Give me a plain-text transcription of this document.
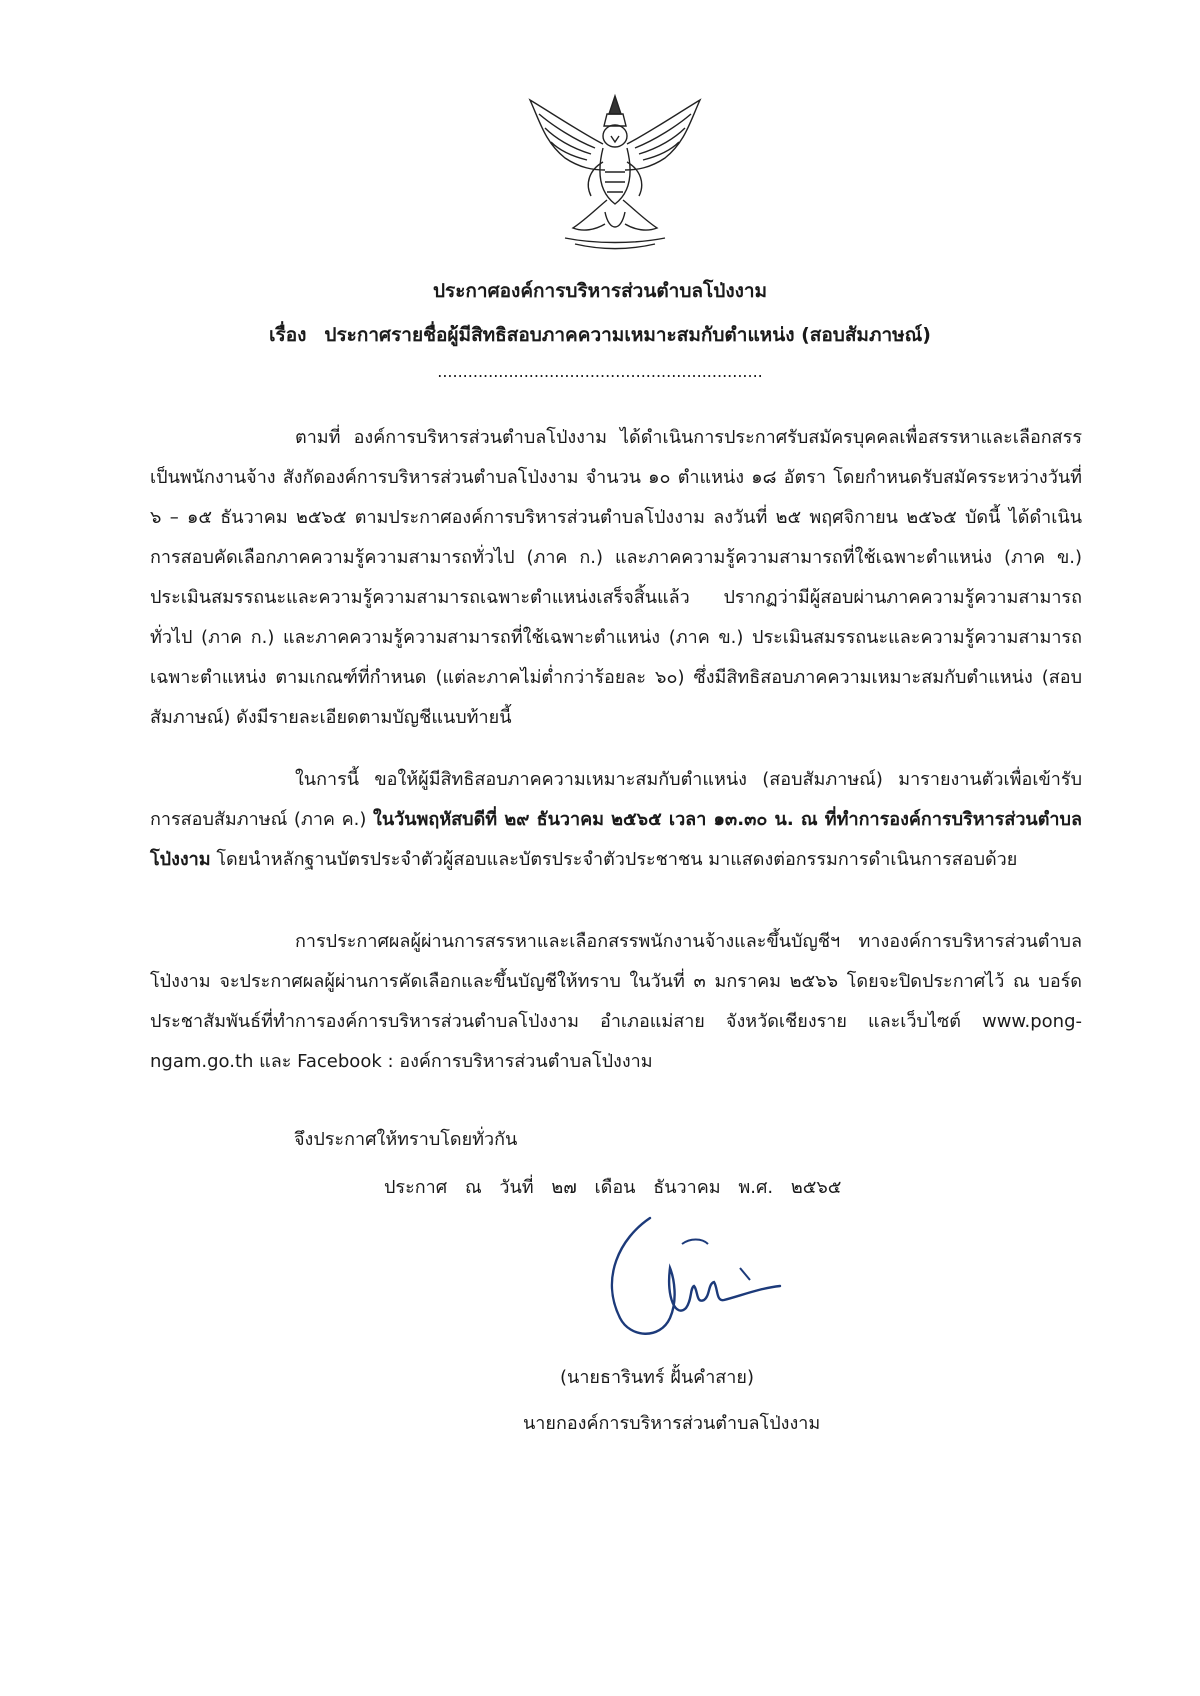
ประกาศองค์การบริหารส่วนตำบลโป่งงาม
เรื่อง ประกาศรายชื่อผู้มีสิทธิสอบภาคความเหมาะสมกับตำแหน่ง (สอบสัมภาษณ์)
................................................................
ตามที่ องค์การบริหารส่วนตำบลโป่งงาม ได้ดำเนินการประกาศรับสมัครบุคคลเพื่อสรรหาและเลือกสรรเป็นพนักงานจ้าง สังกัดองค์การบริหารส่วนตำบลโป่งงาม จำนวน ๑๐ ตำแหน่ง ๑๘ อัตรา โดยกำหนดรับสมัครระหว่างวันที่ ๖ – ๑๕ ธันวาคม ๒๕๖๕ ตามประกาศองค์การบริหารส่วนตำบลโป่งงาม ลงวันที่ ๒๕ พฤศจิกายน ๒๕๖๕ บัดนี้ ได้ดำเนินการสอบคัดเลือกภาคความรู้ความสามารถทั่วไป (ภาค ก.) และภาคความรู้ความสามารถที่ใช้เฉพาะตำแหน่ง (ภาค ข.) ประเมินสมรรถนะและความรู้ความสามารถเฉพาะตำแหน่งเสร็จสิ้นแล้ว ปรากฏว่ามีผู้สอบผ่านภาคความรู้ความสามารถทั่วไป (ภาค ก.) และภาคความรู้ความสามารถที่ใช้เฉพาะตำแหน่ง (ภาค ข.) ประเมินสมรรถนะและความรู้ความสามารถเฉพาะตำแหน่ง ตามเกณฑ์ที่กำหนด (แต่ละภาคไม่ต่ำกว่าร้อยละ ๖๐) ซึ่งมีสิทธิสอบภาคความเหมาะสมกับตำแหน่ง (สอบสัมภาษณ์) ดังมีรายละเอียดตามบัญชีแนบท้ายนี้
ในการนี้ ขอให้ผู้มีสิทธิสอบภาคความเหมาะสมกับตำแหน่ง (สอบสัมภาษณ์) มารายงานตัวเพื่อเข้ารับการสอบสัมภาษณ์ (ภาค ค.) ในวันพฤหัสบดีที่ ๒๙ ธันวาคม ๒๕๖๕ เวลา ๑๓.๓๐ น. ณ ที่ทำการองค์การบริหารส่วนตำบลโป่งงาม โดยนำหลักฐานบัตรประจำตัวผู้สอบและบัตรประจำตัวประชาชน มาแสดงต่อกรรมการดำเนินการสอบด้วย
การประกาศผลผู้ผ่านการสรรหาและเลือกสรรพนักงานจ้างและขึ้นบัญชีฯ ทางองค์การบริหารส่วนตำบลโป่งงาม จะประกาศผลผู้ผ่านการคัดเลือกและขึ้นบัญชีให้ทราบ ในวันที่ ๓ มกราคม ๒๕๖๖ โดยจะปิดประกาศไว้ ณ บอร์ดประชาสัมพันธ์ที่ทำการองค์การบริหารส่วนตำบลโป่งงาม อำเภอแม่สาย จังหวัดเชียงราย และเว็บไซต์ www.pong-ngam.go.th และ Facebook : องค์การบริหารส่วนตำบลโป่งงาม
จึงประกาศให้ทราบโดยทั่วกัน
ประกาศ ณ วันที่ ๒๗ เดือน ธันวาคม พ.ศ. ๒๕๖๕
(นายธารินทร์ ฝั้นคำสาย)
นายกองค์การบริหารส่วนตำบลโป่งงาม
